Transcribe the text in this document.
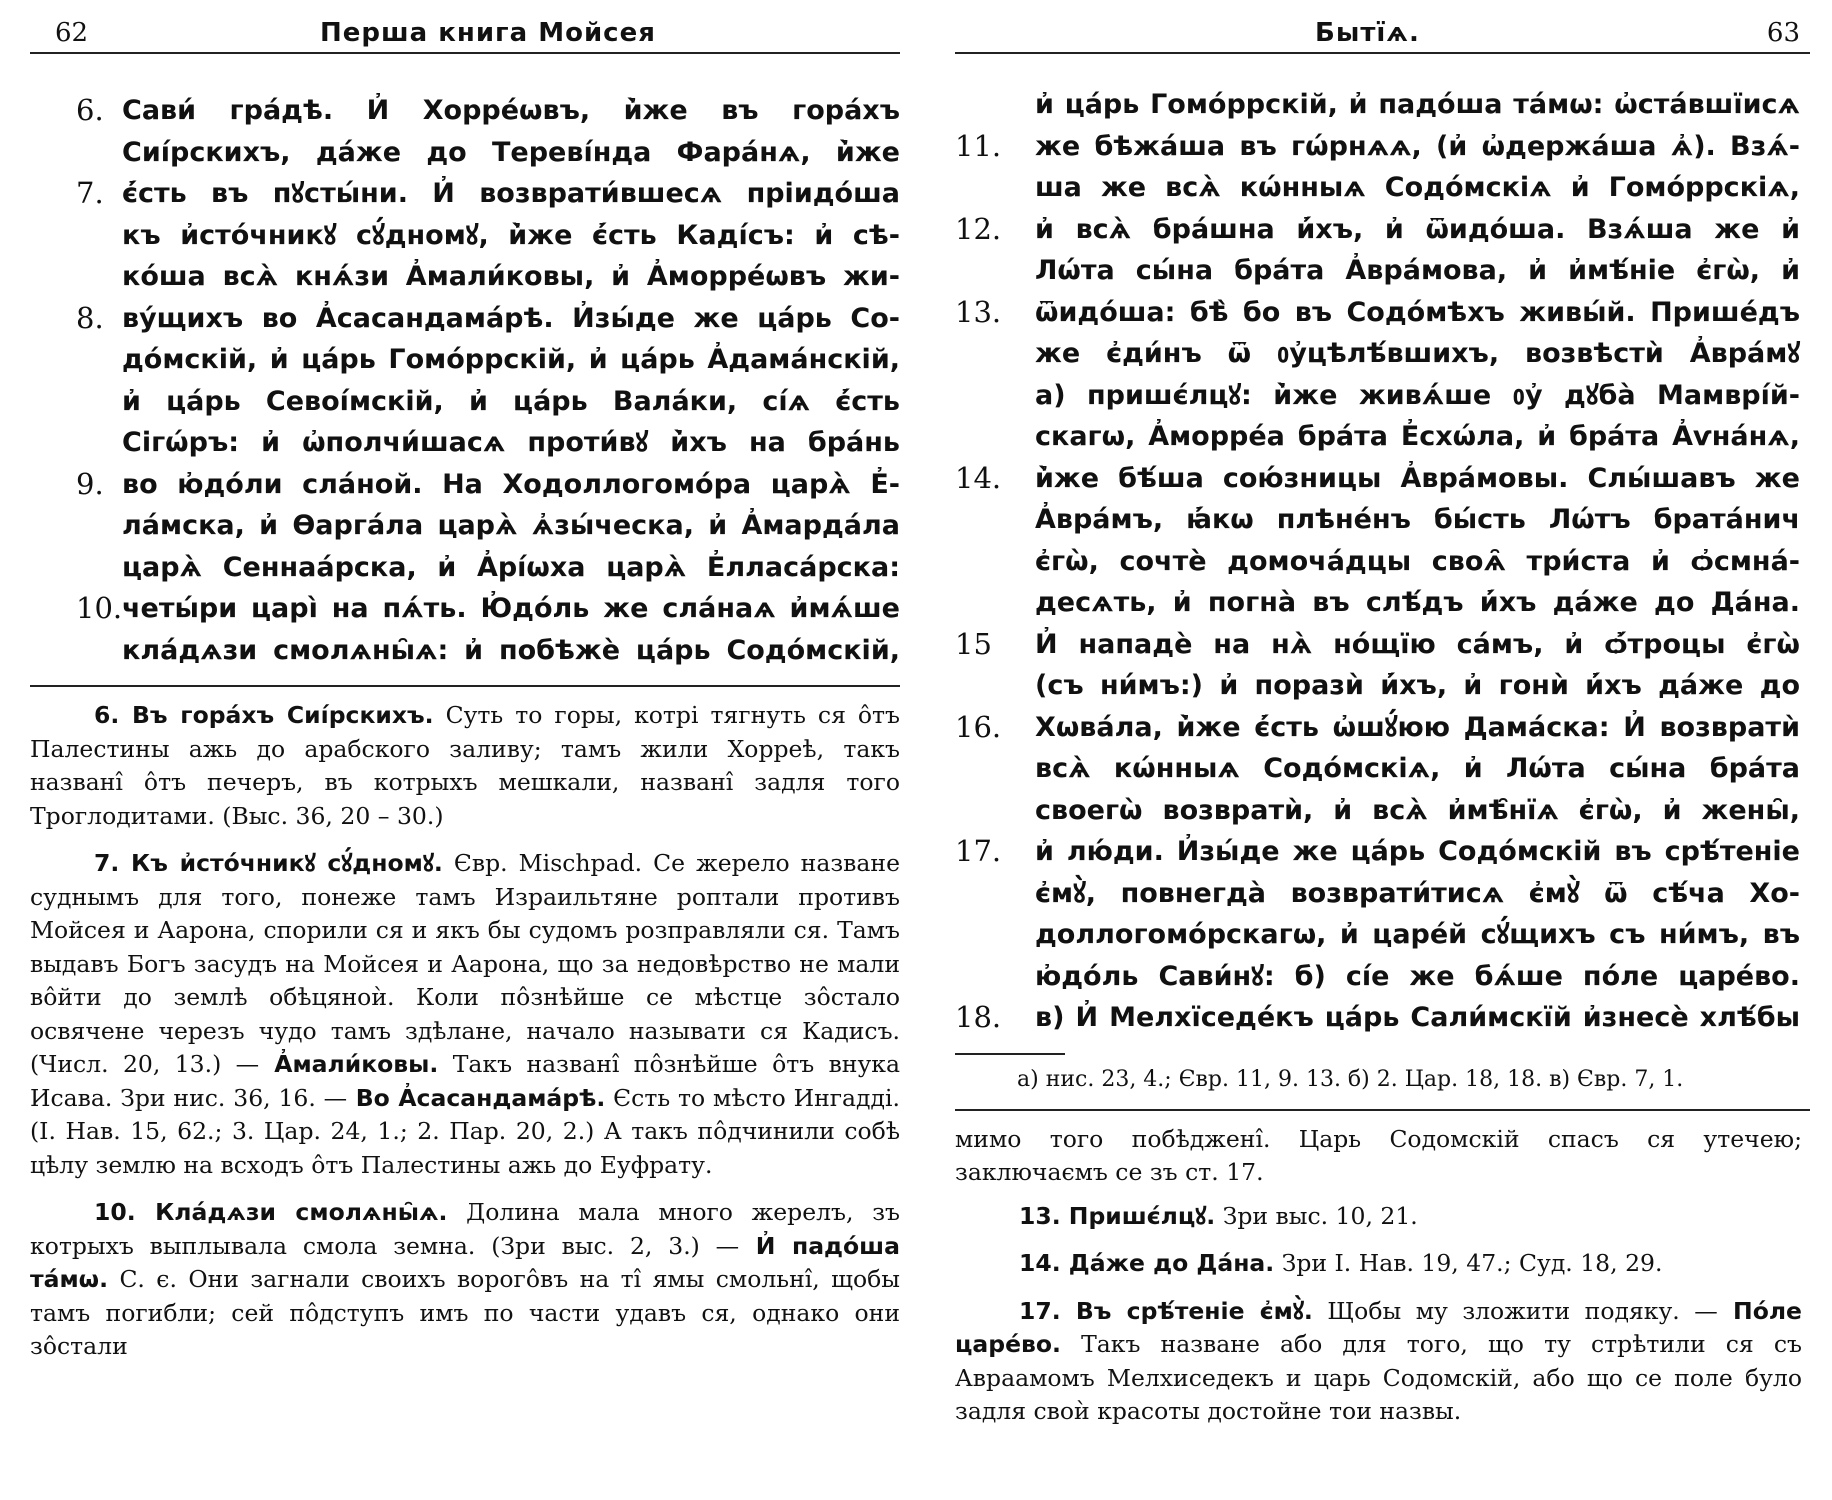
62	Перша книга Мойсея
6. Сави́ гра́дѣ. И҆ Хорре́ѡвъ, и҆̀же въ гора́хъ
Сиі́рскихъ, да́же до Тереві́нда Фара́нѧ, и҆̀же
7. є҆́сть въ пꙋсты́ни. И҆ возврати́вшесѧ пріидо́ша
къ и҆сто́чникꙋ сꙋ́дномꙋ, и҆̀же є҆́сть Каді́съ: и҆ сѣ-
ко́ша всѧ̀ кнѧ́зи А҆мали́ковы, и҆ А҆морре́ѡвъ жи-
8. ву́щихъ во А҆сасандама́рѣ. И҆зы́де же ца́рь Со-
до́мскій, и҆ ца́рь Гомо́ррскій, и҆ ца́рь А҆дама́нскій,
и҆ ца́рь Севоі́мскій, и҆ ца́рь Вала́ки, сі́ѧ є҆́сть
Сігѡ́ръ: и҆ ѡ҆полчи́шасѧ проти́вꙋ и҆̀хъ на бра́нь
9. во ю҆до́ли сла́ной. На Ходоллогомо́ра царѧ̀ Е҆-
ла́мска, и҆ Ѳарга́ла царѧ̀ ѧ҆зы́ческа, и҆ А҆марда́ла
царѧ̀ Сеннаа́рска, и҆ А҆рі́ѡха царѧ̀ Е҆лласа́рска:
10. четы́ри царі̀ на пѧ́ть. Ю҆до́ль же сла́наѧ и҆мѧ́ше
кла́дѧзи смолѧны̑ѧ: и҆ побѣжѐ ца́рь Содо́мскій,

6. Въ гора́хъ Сиі́рскихъ. Суть то горы, котрі тягнуть ся ôтъ Палестины ажь до арабского заливу; тамъ жили Хорреѣ, такъ названî ôтъ печеръ, въ котрыхъ мешкали, названî задля того Троглодитами. (Выс. 36, 20 – 30.)

7. Къ и҆сто́чникꙋ сꙋ́дномꙋ. Євр. Mischpad. Се жерело назване суднымъ для того, понеже тамъ Израильтяне роптали противъ Мойсея и Аарона, спорили ся и якъ бы судомъ розправляли ся. Тамъ выдавъ Богъ засудъ на Мойсея и Аарона, що за недовѣрство не мали вôйти до землѣ обѣцяноѝ. Коли пôзнѣйше се мѣстце зôстало освячене черезъ чудо тамъ здѣлане, начало называти ся Кадисъ. (Числ. 20, 13.) — А҆мали́ковы. Такъ названî пôзнѣйше ôтъ внука Исава. Зри нис. 36, 16. — Во А҆сасандама́рѣ. Єсть то мѣсто Ингадді. (І. Нав. 15, 62.; 3. Цар. 24, 1.; 2. Пар. 20, 2.) А такъ пôдчинили собѣ цѣлу землю на всходъ ôтъ Палестины ажь до Еуфрату.

10. Кла́дѧзи смолѧны̑ѧ. Долина мала много жерелъ, зъ котрыхъ выплывала смола земна. (Зри выс. 2, 3.) — И҆ падо́ша та́мѡ. С. є. Они загнали своихъ ворогôвъ на тî ямы смольнî, щобы тамъ погибли; сей пôдступъ имъ по части удавъ ся, однако они зôстали

Бытїѧ.	63
и҆ ца́рь Гомо́ррскій, и҆ падо́ша та́мѡ: ѡ҆ста́вшїисѧ
11. же бѣжа́ша въ гѡ́рнѧѧ, (и҆ ѡ҆держа́ша ѧ҆). Взѧ́-
ша же всѧ̀ кѡ́нныѧ Содо́мскіѧ и҆ Гомо́ррскіѧ,
12. и҆ всѧ̀ бра́шна и҆́хъ, и҆ ѿидо́ша. Взѧ́ша же и҆
Лѡ́та сы́на бра́та А҆вра́мова, и҆ и҆мѣ́ніе є҆гѡ̀, и҆
13. ѿидо́ша: бѣ̀ бо въ Содо́мѣхъ живы́й. Прише́дъ
же є҆ди́нъ ѿ ᲂу҆цѣлѣ́вшихъ, возвѣстѝ А҆вра́мꙋ
а) пришє́лцꙋ: и҆̀же живѧ́ше ᲂу҆ дꙋба̀ Мамврі́й-
скагѡ, А҆морре́а бра́та Е҆схѡ́ла, и҆ бра́та А҆ѵна́нѧ,
14. и҆̀же бѣ́ша сою́зницы А҆вра́мовы. Слы́шавъ же
А҆вра́мъ, ꙗ҆́кѡ плѣне́нъ бы́сть Лѡ́тъ брата́нич
є҆гѡ̀, сочтѐ домоча́дцы своѧ̑ три́ста и҆ ѻ҆смна́-
десѧть, и҆ погна̀ въ слѣ́дъ и҆́хъ да́же до Да́на.
15	И҆ нападѐ на нѧ̀ но́щїю са́мъ, и҆ ѻ҆́троцы є҆гѡ̀
(съ ни́мъ:) и҆ поразѝ и҆́хъ, и҆ гонѝ и҆́хъ да́же до
16. Хѡва́ла, и҆̀же є҆́сть ѡ҆шꙋ́юю Дама́ска: И҆ возвратѝ
всѧ̀ кѡ́нныѧ Содо́мскіѧ, и҆ Лѡ́та сы́на бра́та
своегѡ̀ возвратѝ, и҆ всѧ̀ и҆мѣ̑нїѧ є҆гѡ̀, и҆ жены̑,
17. и҆ лю́ди. И҆зы́де же ца́рь Содо́мскій въ срѣ́теніе
є҆мꙋ̀, повнегда̀ возврати́тисѧ є҆мꙋ̀ ѿ сѣ́ча Хо-
доллогомо́рскагѡ, и҆ царе́й сꙋ́щихъ съ ни́мъ, въ
ю҆до́ль Сави́нꙋ: б) сі́е же бѧ́ше по́ле царе́во.
18. в) И҆ Мелхїседе́къ ца́рь Сали́мскїй и҆знесѐ хлѣ́бы

а) нис. 23, 4.; Євр. 11, 9. 13. б) 2. Цар. 18, 18. в) Євр. 7, 1.

мимо того побѣдженî. Царь Содомскій спасъ ся утечею; заключаємъ се зъ ст. 17.

13. Пришє́лцꙋ. Зри выс. 10, 21.

14. Да́же до Да́на. Зри І. Нав. 19, 47.; Суд. 18, 29.

17. Въ срѣ́теніе є҆мꙋ̀. Щобы му зложити подяку. — По́ле царе́во. Такъ назване або для того, що ту стрѣтили ся съ Авраамомъ Мелхиседекъ и царь Содомскій, або що се поле було задля своѝ красоты достойне тои назвы.
